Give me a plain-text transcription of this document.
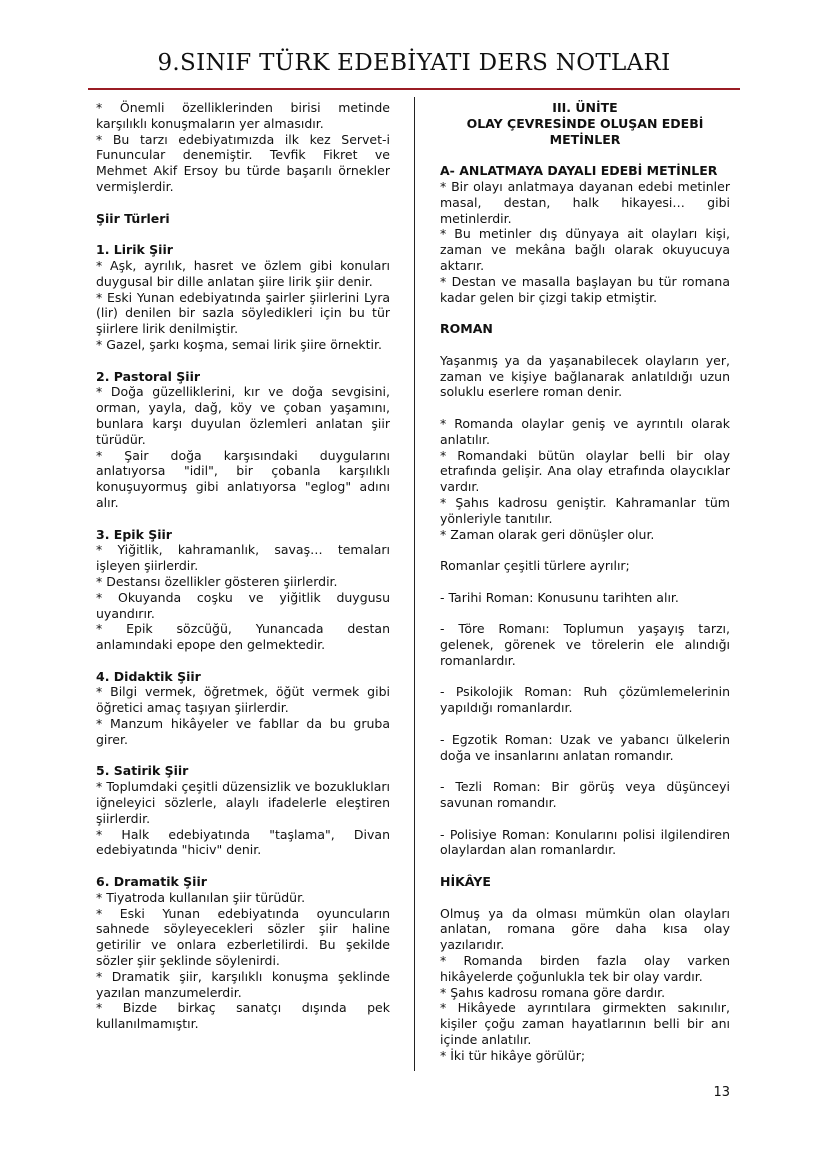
9.SINIF TÜRK EDEBİYATI DERS NOTLARI

* Önemli özelliklerinden birisi metinde karşılıklı konuşmaların yer almasıdır.

* Bu tarzı edebiyatımızda ilk kez Servet-i Fununcular denemiştir. Tevfik Fikret ve Mehmet Akif Ersoy bu türde başarılı örnekler vermişlerdir.

Şiir Türleri

1. Lirik Şiir

* Aşk, ayrılık, hasret ve özlem gibi konuları duygusal bir dille anlatan şiire lirik şiir denir.

* Eski Yunan edebiyatında şairler şiirlerini Lyra (lir) denilen bir sazla söyledikleri için bu tür şiirlere lirik denilmiştir.

* Gazel, şarkı koşma, semai lirik şiire örnektir.

2. Pastoral Şiir

* Doğa güzelliklerini, kır ve doğa sevgisini, orman, yayla, dağ, köy ve çoban yaşamını, bunlara karşı duyulan özlemleri anlatan şiir türüdür.

* Şair doğa karşısındaki duygularını anlatıyorsa "idil", bir çobanla karşılıklı konuşuyormuş gibi anlatıyorsa "eglog" adını alır.

3. Epik Şiir

* Yiğitlik, kahramanlık, savaş… temaları işleyen şiirlerdir.

* Destansı özellikler gösteren şiirlerdir.

* Okuyanda coşku ve yiğitlik duygusu uyandırır.

* Epik sözcüğü, Yunancada destan anlamındaki epope den gelmektedir.

4. Didaktik Şiir

* Bilgi vermek, öğretmek, öğüt vermek gibi öğretici amaç taşıyan şiirlerdir.

* Manzum hikâyeler ve fabllar da bu gruba girer.

5. Satirik Şiir

* Toplumdaki çeşitli düzensizlik ve bozuklukları iğneleyici sözlerle, alaylı ifadelerle eleştiren şiirlerdir.

* Halk edebiyatında "taşlama", Divan edebiyatında "hiciv" denir.

6. Dramatik Şiir

* Tiyatroda kullanılan şiir türüdür.

* Eski Yunan edebiyatında oyuncuların sahnede söyleyecekleri sözler şiir haline getirilir ve onlara ezberletilirdi. Bu şekilde sözler şiir şeklinde söylenirdi.

* Dramatik şiir, karşılıklı konuşma şeklinde yazılan manzumelerdir.

* Bizde birkaç sanatçı dışında pek kullanılmamıştır.

III. ÜNİTE

OLAY ÇEVRESİNDE OLUŞAN EDEBİ METİNLER

A- ANLATMAYA DAYALI EDEBİ METİNLER

* Bir olayı anlatmaya dayanan edebi metinler masal, destan, halk hikayesi… gibi metinlerdir.

* Bu metinler dış dünyaya ait olayları kişi, zaman ve mekâna bağlı olarak okuyucuya aktarır.

* Destan ve masalla başlayan bu tür romana kadar gelen bir çizgi takip etmiştir.

ROMAN

Yaşanmış ya da yaşanabilecek olayların yer, zaman ve kişiye bağlanarak anlatıldığı uzun soluklu eserlere roman denir.

* Romanda olaylar geniş ve ayrıntılı olarak anlatılır.

* Romandaki bütün olaylar belli bir olay etrafında gelişir. Ana olay etrafında olaycıklar vardır.

* Şahıs kadrosu geniştir. Kahramanlar tüm yönleriyle tanıtılır.

* Zaman olarak geri dönüşler olur.

Romanlar çeşitli türlere ayrılır;

- Tarihi Roman: Konusunu tarihten alır.

- Töre Romanı: Toplumun yaşayış tarzı, gelenek, görenek ve törelerin ele alındığı romanlardır.

- Psikolojik Roman: Ruh çözümlemelerinin yapıldığı romanlardır.

- Egzotik Roman: Uzak ve yabancı ülkelerin doğa ve insanlarını anlatan romandır.

- Tezli Roman: Bir görüş veya düşünceyi savunan romandır.

- Polisiye Roman: Konularını polisi ilgilendiren olaylardan alan romanlardır.

HİKÂYE

Olmuş ya da olması mümkün olan olayları anlatan, romana göre daha kısa olay yazılarıdır.

* Romanda birden fazla olay varken hikâyelerde çoğunlukla tek bir olay vardır.

* Şahıs kadrosu romana göre dardır.

* Hikâyede ayrıntılara girmekten sakınılır, kişiler çoğu zaman hayatlarının belli bir anı içinde anlatılır.

* İki tür hikâye görülür;

13
